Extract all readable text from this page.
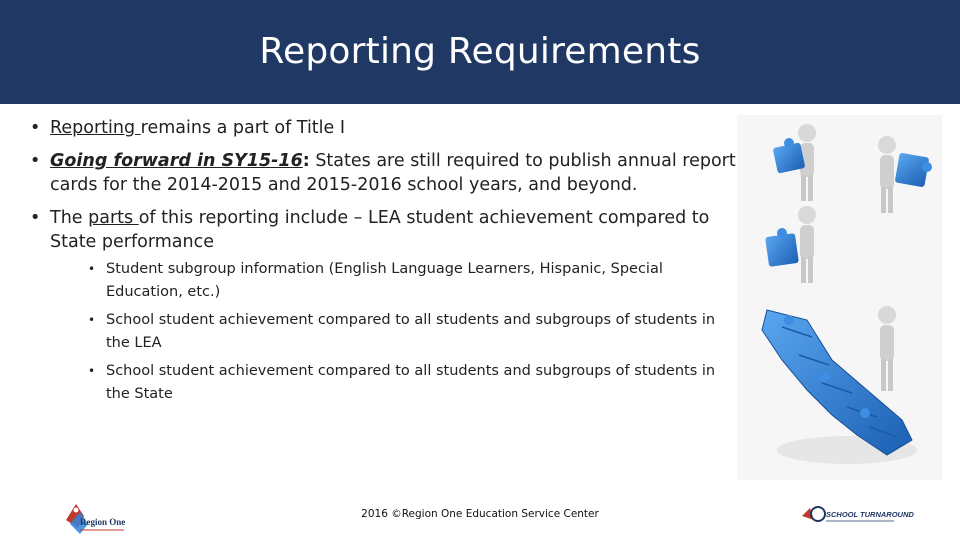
Reporting Requirements
• Reporting remains a part of Title I
• Going forward in SY15-16: States are still required to publish annual report cards for the 2014-2015 and 2015-2016 school years, and beyond.
• The parts of this reporting include – LEA student achievement compared to State performance
• Student subgroup information (English Language Learners, Hispanic, Special Education, etc.)
• School student achievement compared to all students and subgroups of students in the LEA
• School student achievement compared to all students and subgroups of students in the State
Region One
2016 ©Region One Education Service Center	SCHOOL TURNAROUND
